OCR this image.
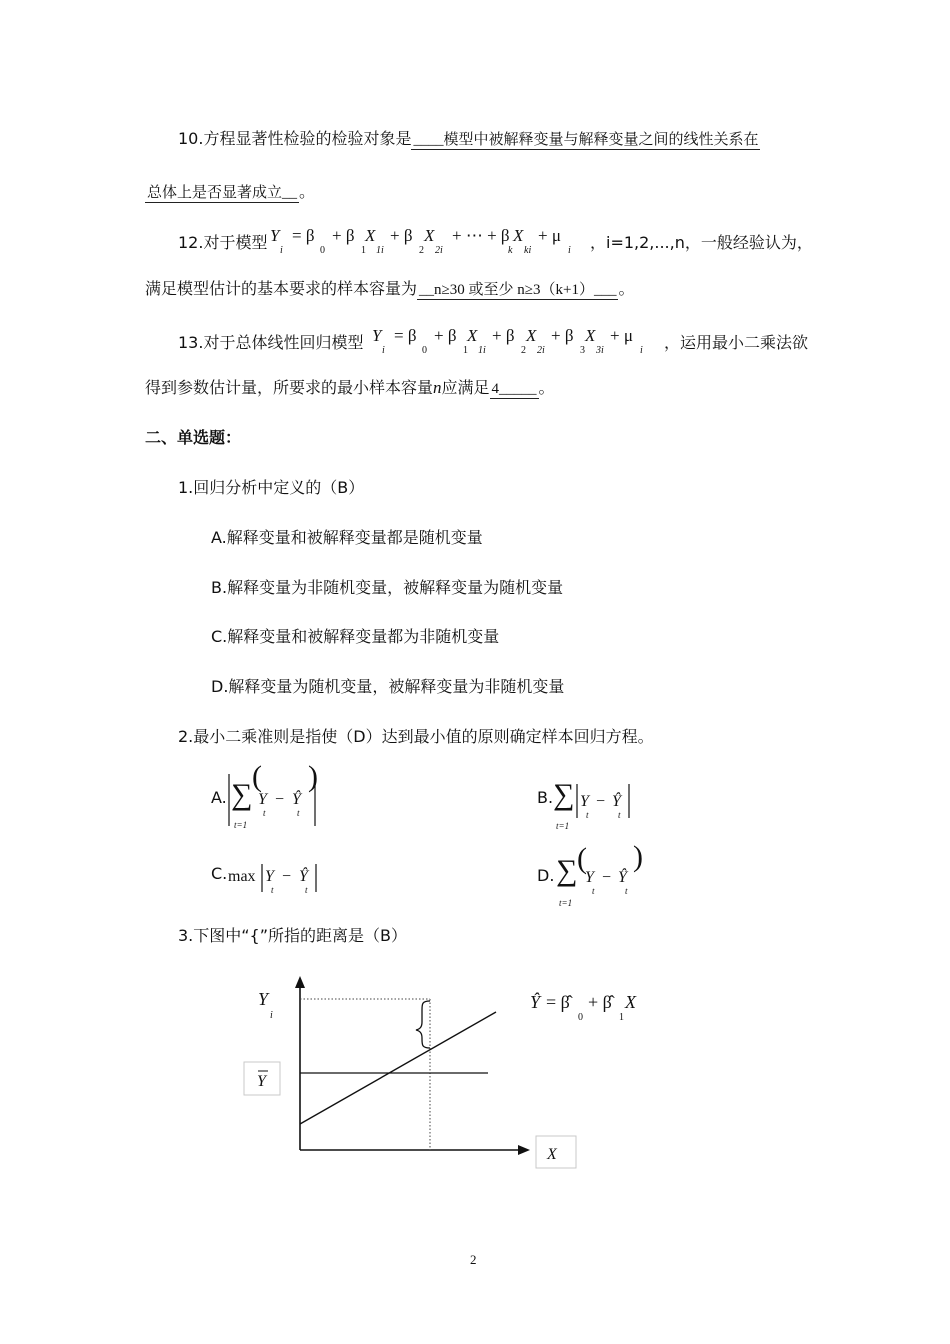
10.方程显著性检验的检验对象是 ____模型中被解释变量与解释变量之间的线性关系在
总体上是否显著成立__ 。
12.对于模型 Y
i
= β
0
+ β
1
X
1i
+ β
2
X
2i
+ ⋯ + β
k
X
ki
+ μ
i ，i=1,2,...,n，一般经验认为，
满足模型估计的基本要求的样本容量为 __n≥30 或至少 n≥3（k+1）___ 。
13.对于总体线性回归模型 Y
i
= β
0
+ β
1
X
1i
+ β
2
X
2i
+ β
3
X
3i
+ μ
i ，运用最小二乘法欲
得到参数估计量，所要求的最小样本容量n应满足 4_____ 。
二、单选题：
1.回归分析中定义的（B）
A.解释变量和被解释变量都是随机变量
B.解释变量为非随机变量，被解释变量为随机变量
C.解释变量和被解释变量都为非随机变量
D.解释变量为随机变量，被解释变量为非随机变量
2.最小二乘准则是指使（D）达到最小值的原则确定样本回归方程。
A. ∑
t=1
(
Y
t
− Ŷ
t
)
B. ∑
t=1
Y
t
− Ŷ
t
C. max Y
t
− Ŷ
t
D. ∑
t=1
(
Y
t
− Ŷ
t
)
3.下图中“{”所指的距离是（B）
Y
i
Y
X
Ŷ = β̂
0
+ β̂
1
X
2
